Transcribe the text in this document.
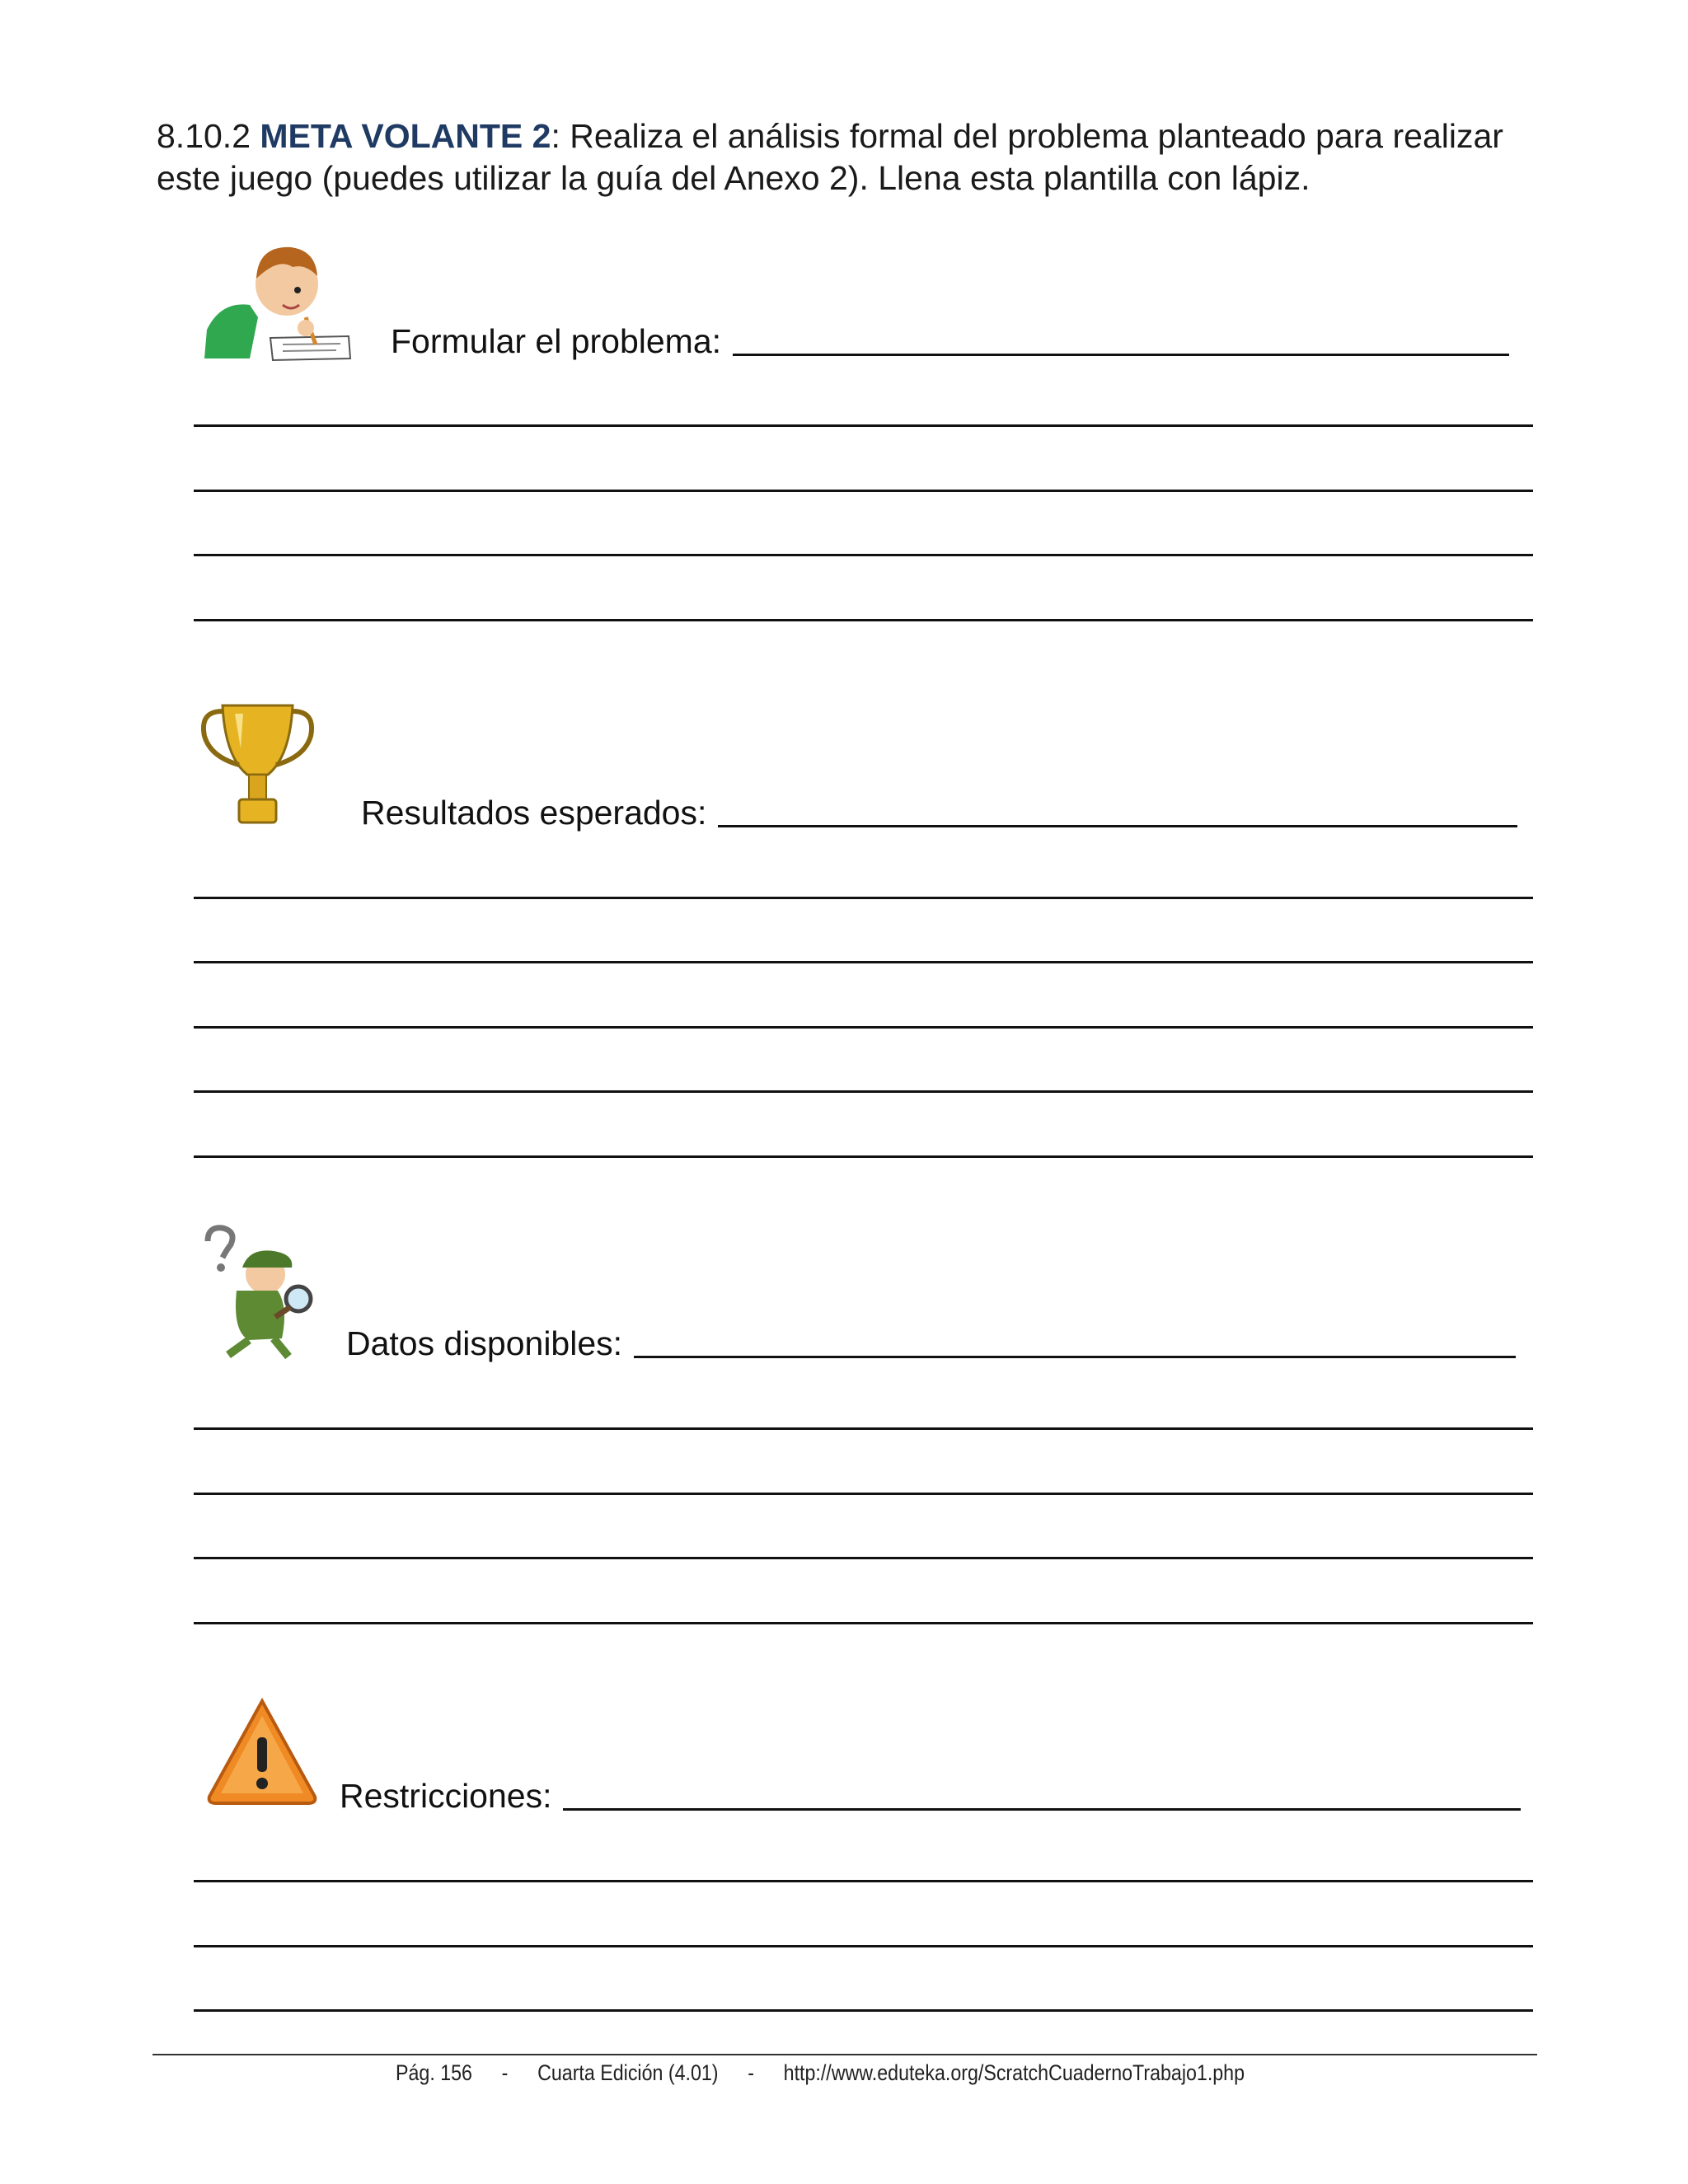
8.10.2 META VOLANTE 2: Realiza el análisis formal del problema planteado para realizar este juego (puedes utilizar la guía del Anexo 2). Llena esta plantilla con lápiz.
Formular el problema:
Resultados esperados:
Datos disponibles:
Restricciones:
Pág. 156 - Cuarta Edición (4.01) - http://www.eduteka.org/ScratchCuadernoTrabajo1.php
